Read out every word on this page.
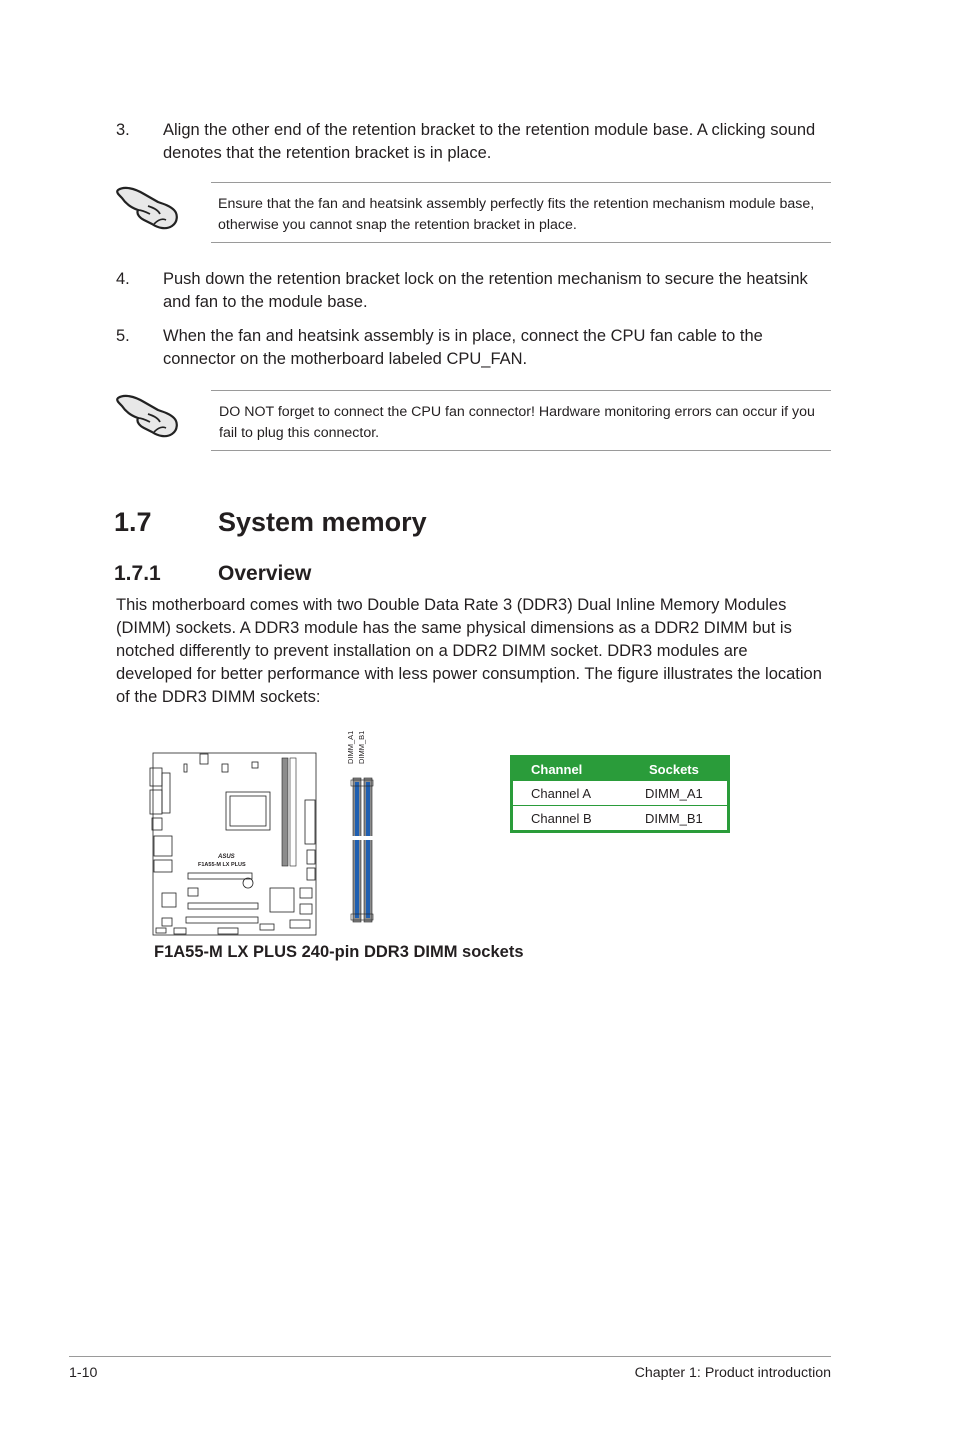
3. Align the other end of the retention bracket to the retention module base. A clicking sound denotes that the retention bracket is in place.
Ensure that the fan and heatsink assembly perfectly fits the retention mechanism module base, otherwise you cannot snap the retention bracket in place.
4. Push down the retention bracket lock on the retention mechanism to secure the heatsink and fan to the module base.
5. When the fan and heatsink assembly is in place, connect the CPU fan cable to the connector on the motherboard labeled CPU_FAN.
DO NOT forget to connect the CPU fan connector! Hardware monitoring errors can occur if you fail to plug this connector.
1.7 System memory
1.7.1	Overview
This motherboard comes with two Double Data Rate 3 (DDR3) Dual Inline Memory Modules (DIMM) sockets. A DDR3 module has the same physical dimensions as a DDR2 DIMM but is notched differently to prevent installation on a DDR2 DIMM socket. DDR3 modules are developed for better performance with less power consumption. The figure illustrates the location of the DDR3 DIMM sockets:
DIMM_A1 DIMM_B1
ASUS
F1A55-M LX PLUS
F1A55-M LX PLUS 240-pin DDR3 DIMM sockets
Channel	Sockets
Channel A	DIMM_A1
Channel B	DIMM_B1
1-10	Chapter 1: Product introduction
